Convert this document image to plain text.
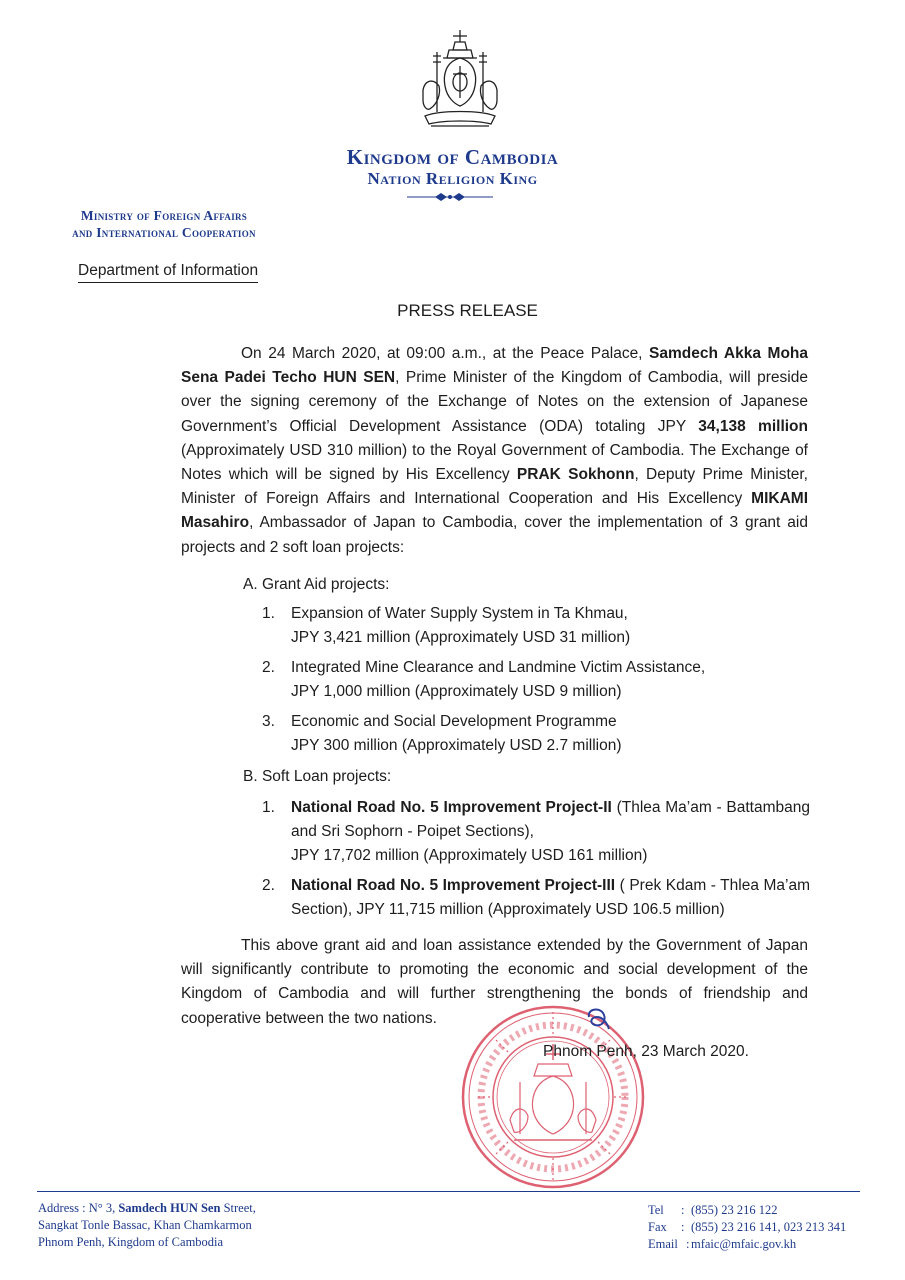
Kingdom of Cambodia
Nation Religion King
Ministry of Foreign Affairs
and International Cooperation
Department of Information
PRESS RELEASE

On 24 March 2020, at 09:00 a.m., at the Peace Palace, Samdech Akka Moha Sena Padei Techo HUN SEN, Prime Minister of the Kingdom of Cambodia, will preside over the signing ceremony of the Exchange of Notes on the extension of Japanese Government’s Official Development Assistance (ODA) totaling JPY 34,138 million (Approximately USD 310 million) to the Royal Government of Cambodia. The Exchange of Notes which will be signed by His Excellency PRAK Sokhonn, Deputy Prime Minister, Minister of Foreign Affairs and International Cooperation and His Excellency MIKAMI Masahiro, Ambassador of Japan to Cambodia, cover the implementation of 3 grant aid projects and 2 soft loan projects:

A. Grant Aid projects:
1. Expansion of Water Supply System in Ta Khmau,
JPY 3,421 million (Approximately USD 31 million)
2. Integrated Mine Clearance and Landmine Victim Assistance,
JPY 1,000 million (Approximately USD 9 million)
3. Economic and Social Development Programme
JPY 300 million (Approximately USD 2.7 million)
B. Soft Loan projects:
1. National Road No. 5 Improvement Project-II (Thlea Ma’am - Battambang and Sri Sophorn - Poipet Sections),
JPY 17,702 million (Approximately USD 161 million)
2. National Road No. 5 Improvement Project-III ( Prek Kdam - Thlea Ma’am Section), JPY 11,715 million (Approximately USD 106.5 million)

This above grant aid and loan assistance extended by the Government of Japan will significantly contribute to promoting the economic and social development of the Kingdom of Cambodia and will further strengthening the bonds of friendship and cooperative between the two nations.

Phnom Penh, 23 March 2020.
Address : N° 3, Samdech HUN Sen Street,
Sangkat Tonle Bassac, Khan Chamkarmon
Phnom Penh, Kingdom of Cambodia
Tel	: (855) 23 216 122
Fax	: (855) 23 216 141, 023 213 341
Email : mfaic@mfaic.gov.kh
